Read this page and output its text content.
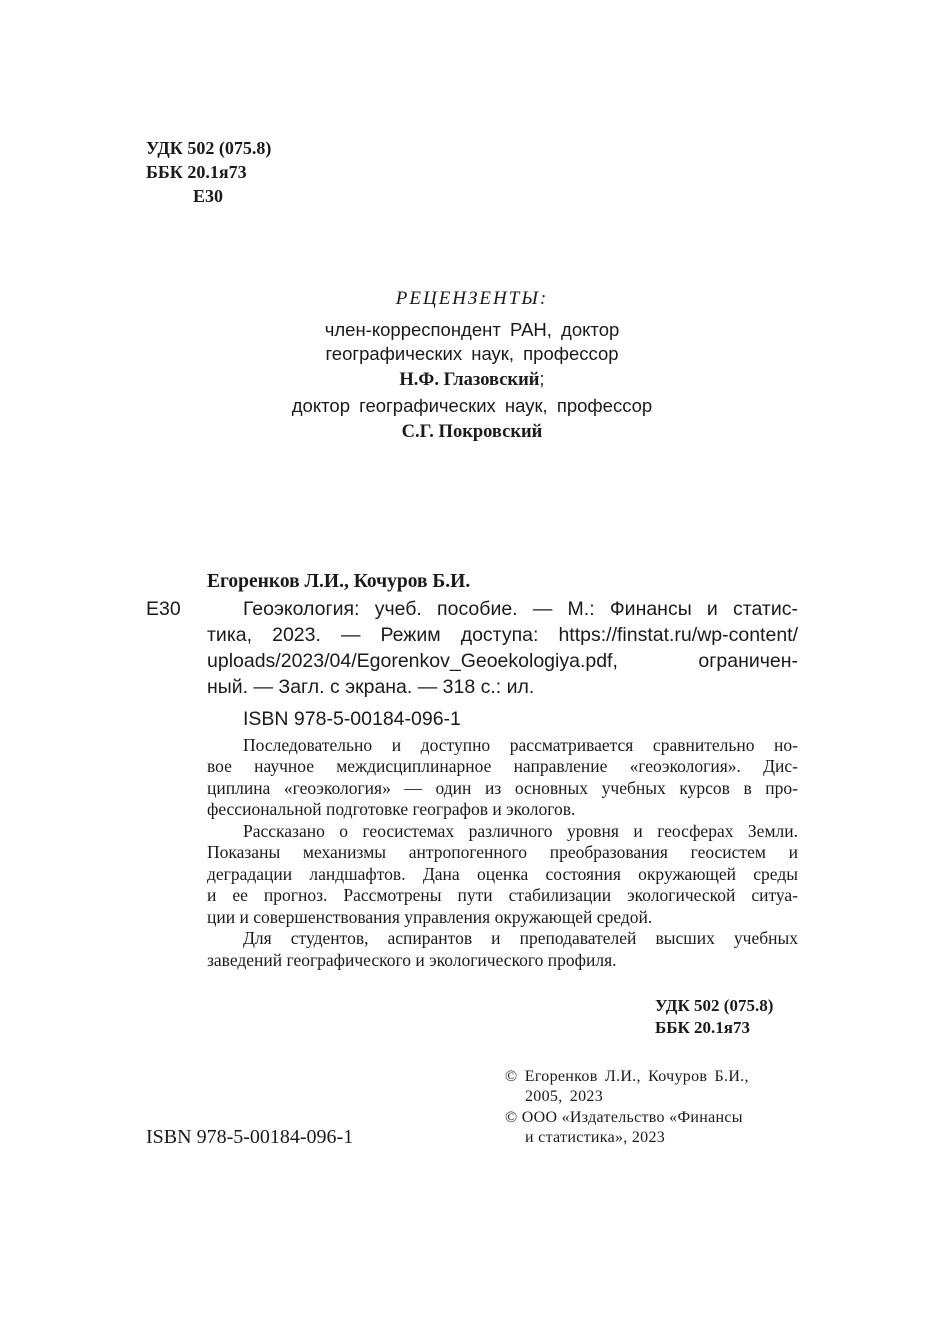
УДК 502 (075.8)
ББК 20.1я73
Е30
РЕЦЕНЗЕНТЫ:
член-корреспондент РАН, доктор
географических наук, профессор
Н.Ф. Глазовский;
доктор географических наук, профессор
С.Г. Покровский
Егоренков Л.И., Кочуров Б.И.
Е30	Геоэкология: учеб. пособие. — М.: Финансы и статис-
тика, 2023. — Режим доступа: https://finstat.ru/wp-content/
uploads/2023/04/Egorenkov_Geoekologiya.pdf, ограничен-
ный. — Загл. с экрана. — 318 с.: ил.
ISBN 978-5-00184-096-1
Последовательно и доступно рассматривается сравнительно но-
вое научное междисциплинарное направление «геоэкология». Дис-
циплина «геоэкология» — один из основных учебных курсов в про-
фессиональной подготовке географов и экологов.
Рассказано о геосистемах различного уровня и геосферах Земли.
Показаны механизмы антропогенного преобразования геосистем и
деградации ландшафтов. Дана оценка состояния окружающей среды
и ее прогноз. Рассмотрены пути стабилизации экологической ситуа-
ции и совершенствования управления окружающей средой.
Для студентов, аспирантов и преподавателей высших учебных
заведений географического и экологического профиля.
УДК 502 (075.8)
ББК 20.1я73
© Егоренков Л.И., Кочуров Б.И.,
2005, 2023
© ООО «Издательство «Финансы
и статистика», 2023
ISBN 978-5-00184-096-1
